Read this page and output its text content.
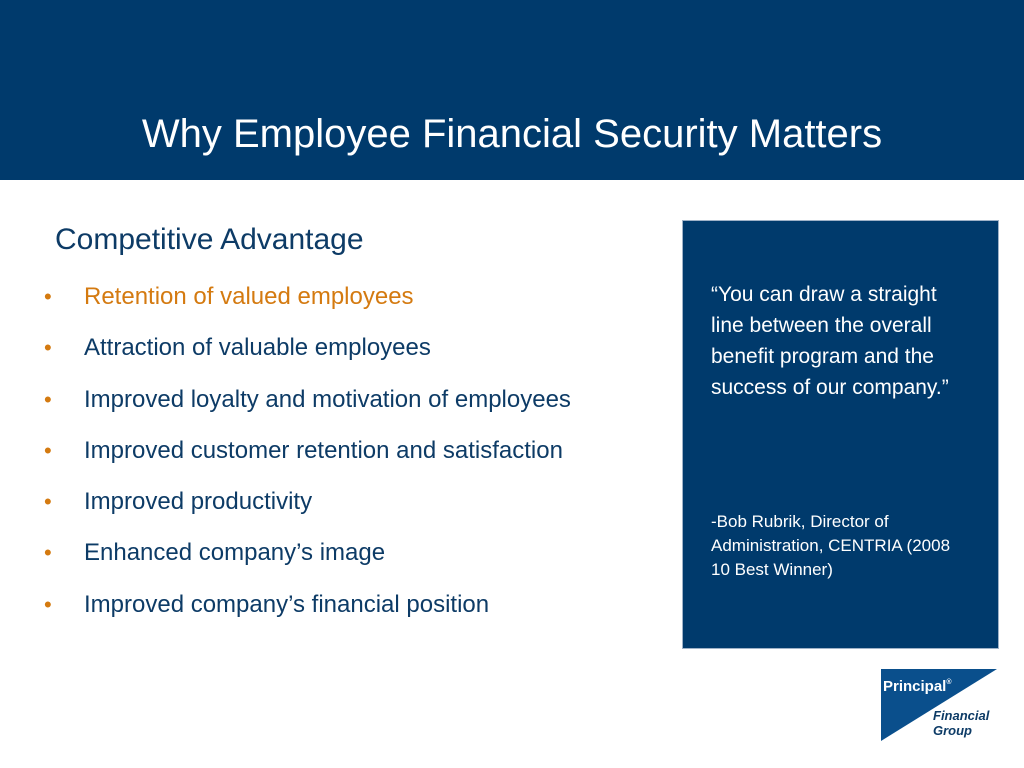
Why Employee Financial Security Matters
Competitive Advantage
• Retention of valued employees
• Attraction of valuable employees
• Improved loyalty and motivation of employees
• Improved customer retention and satisfaction
• Improved productivity
• Enhanced company’s image
• Improved company’s financial position
“You can draw a straight line between the overall benefit program and the success of our company.”
-Bob Rubrik, Director of Administration, CENTRIA (2008 10 Best Winner)
Principal®
Financial
Group
